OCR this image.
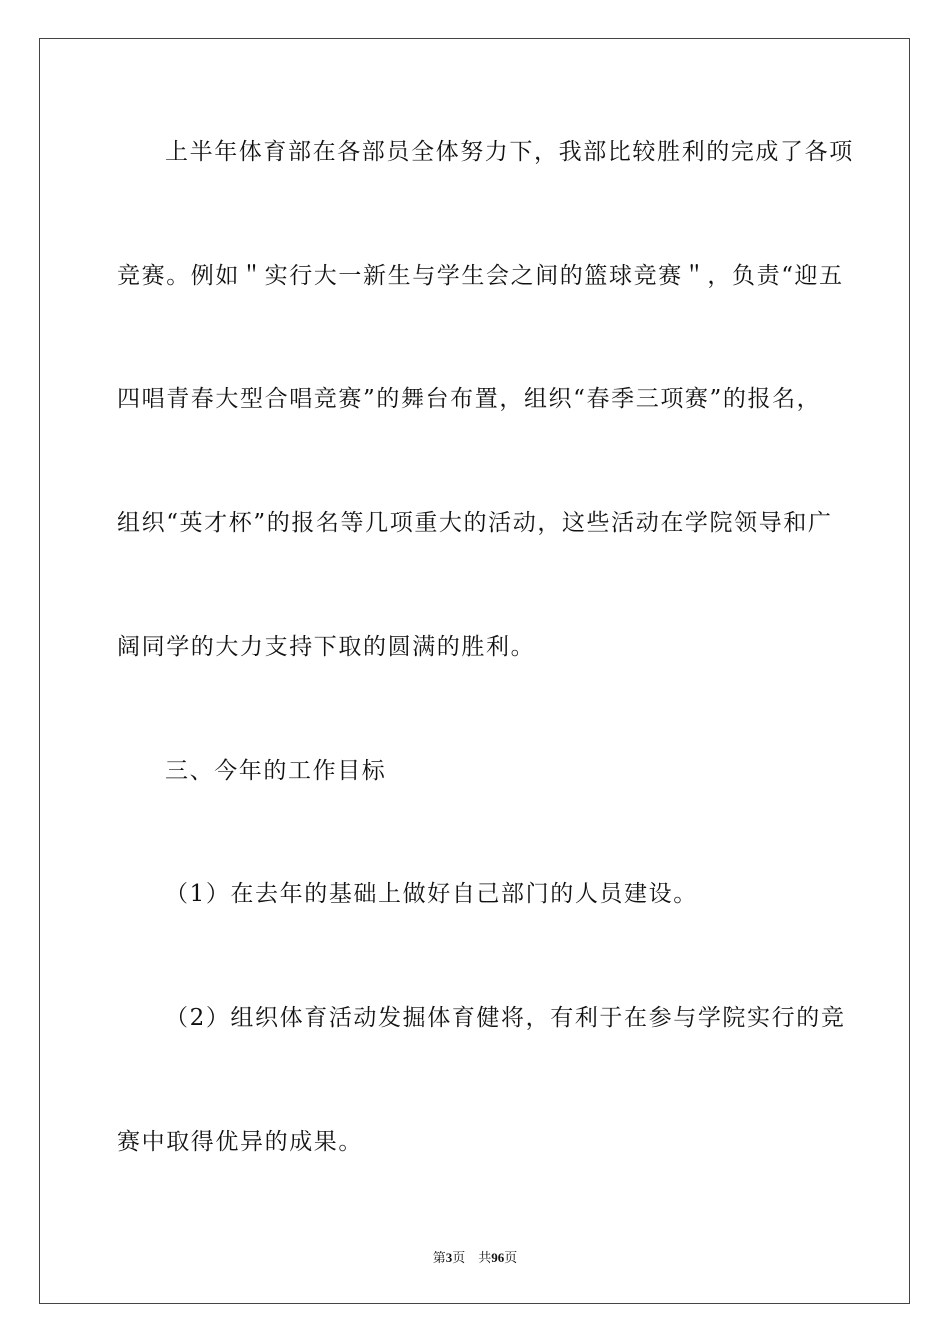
上半年体育部在各部员全体努力下，我部比较胜利的完成了各项
竞赛。例如＂实行大一新生与学生会之间的篮球竞赛＂，负责“迎五
四唱青春大型合唱竞赛”的舞台布置，组织“春季三项赛”的报名，
组织“英才杯”的报名等几项重大的活动，这些活动在学院领导和广
阔同学的大力支持下取的圆满的胜利。
三、今年的工作目标
（1）在去年的基础上做好自己部门的人员建设。
（2）组织体育活动发掘体育健将，有利于在参与学院实行的竞
赛中取得优异的成果。
第3页　共96页
